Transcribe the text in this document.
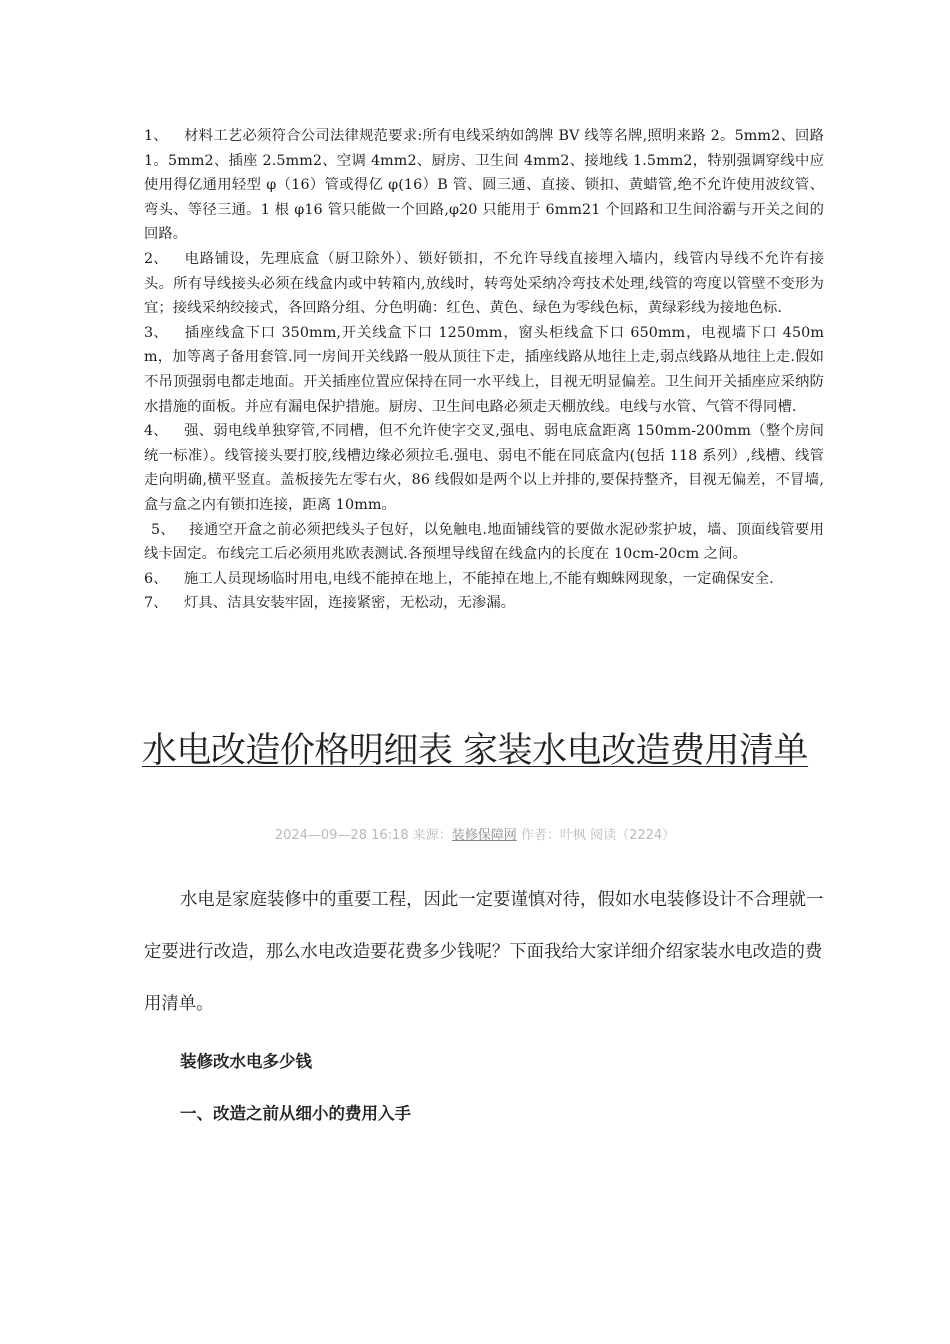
1、 材料工艺必须符合公司法律规范要求:所有电线采纳如鸽牌 BV 线等名牌,照明来路 2。5mm2、回路 1。5mm2、插座 2.5mm2、空调 4mm2、厨房、卫生间 4mm2、接地线 1.5mm2，特别强调穿线中应使用得亿通用轻型 φ（16）管或得亿 φ(16）B 管、圆三通、直接、锁扣、黄蜡管,绝不允许使用波纹管、弯头、等径三通。1 根 φ16 管只能做一个回路,φ20 只能用于 6mm21 个回路和卫生间浴霸与开关之间的回路。

2、 电路铺设，先理底盒（厨卫除外）、锁好锁扣，不允许导线直接埋入墙内，线管内导线不允许有接头。所有导线接头必须在线盒内或中转箱内,放线时，转弯处采纳冷弯技术处理,线管的弯度以管壁不变形为宜；接线采纳绞接式，各回路分组、分色明确：红色、黄色、绿色为零线色标，黄绿彩线为接地色标.

3、 插座线盒下口 350mm,开关线盒下口 1250mm，窗头柜线盒下口 650mm，电视墙下口 450mm，加等离子备用套管.同一房间开关线路一般从顶往下走，插座线路从地往上走,弱点线路从地往上走.假如不吊顶强弱电都走地面。开关插座位置应保持在同一水平线上，目视无明显偏差。卫生间开关插座应采纳防水措施的面板。并应有漏电保护措施。厨房、卫生间电路必须走天棚放线。电线与水管、气管不得同槽.

4、 强、弱电线单独穿管,不同槽，但不允许使字交叉,强电、弱电底盒距离 150mm-200mm（整个房间统一标准）。线管接头要打胶,线槽边缘必须拉毛.强电、弱电不能在同底盒内(包括 118 系列）,线槽、线管走向明确,横平竖直。盖板接先左零右火，86 线假如是两个以上并排的,要保持整齐，目视无偏差，不冒墙,盒与盒之内有锁扣连接，距离 10mm。

5、 接通空开盒之前必须把线头子包好，以免触电.地面铺线管的要做水泥砂浆护坡，墙、顶面线管要用线卡固定。布线完工后必须用兆欧表测试.各预埋导线留在线盒内的长度在 10cm-20cm 之间。

6、 施工人员现场临时用电,电线不能掉在地上，不能掉在地上,不能有蜘蛛网现象，一定确保安全.

7、 灯具、洁具安装牢固，连接紧密，无松动，无渗漏。

水电改造价格明细表 家装水电改造费用清单
2024—09—28 16:18 来源：装修保障网 作者：叶枫 阅读（2224）

水电是家庭装修中的重要工程，因此一定要谨慎对待，假如水电装修设计不合理就一定要进行改造，那么水电改造要花费多少钱呢？下面我给大家详细介绍家装水电改造的费用清单。

装修改水电多少钱

一、改造之前从细小的费用入手
